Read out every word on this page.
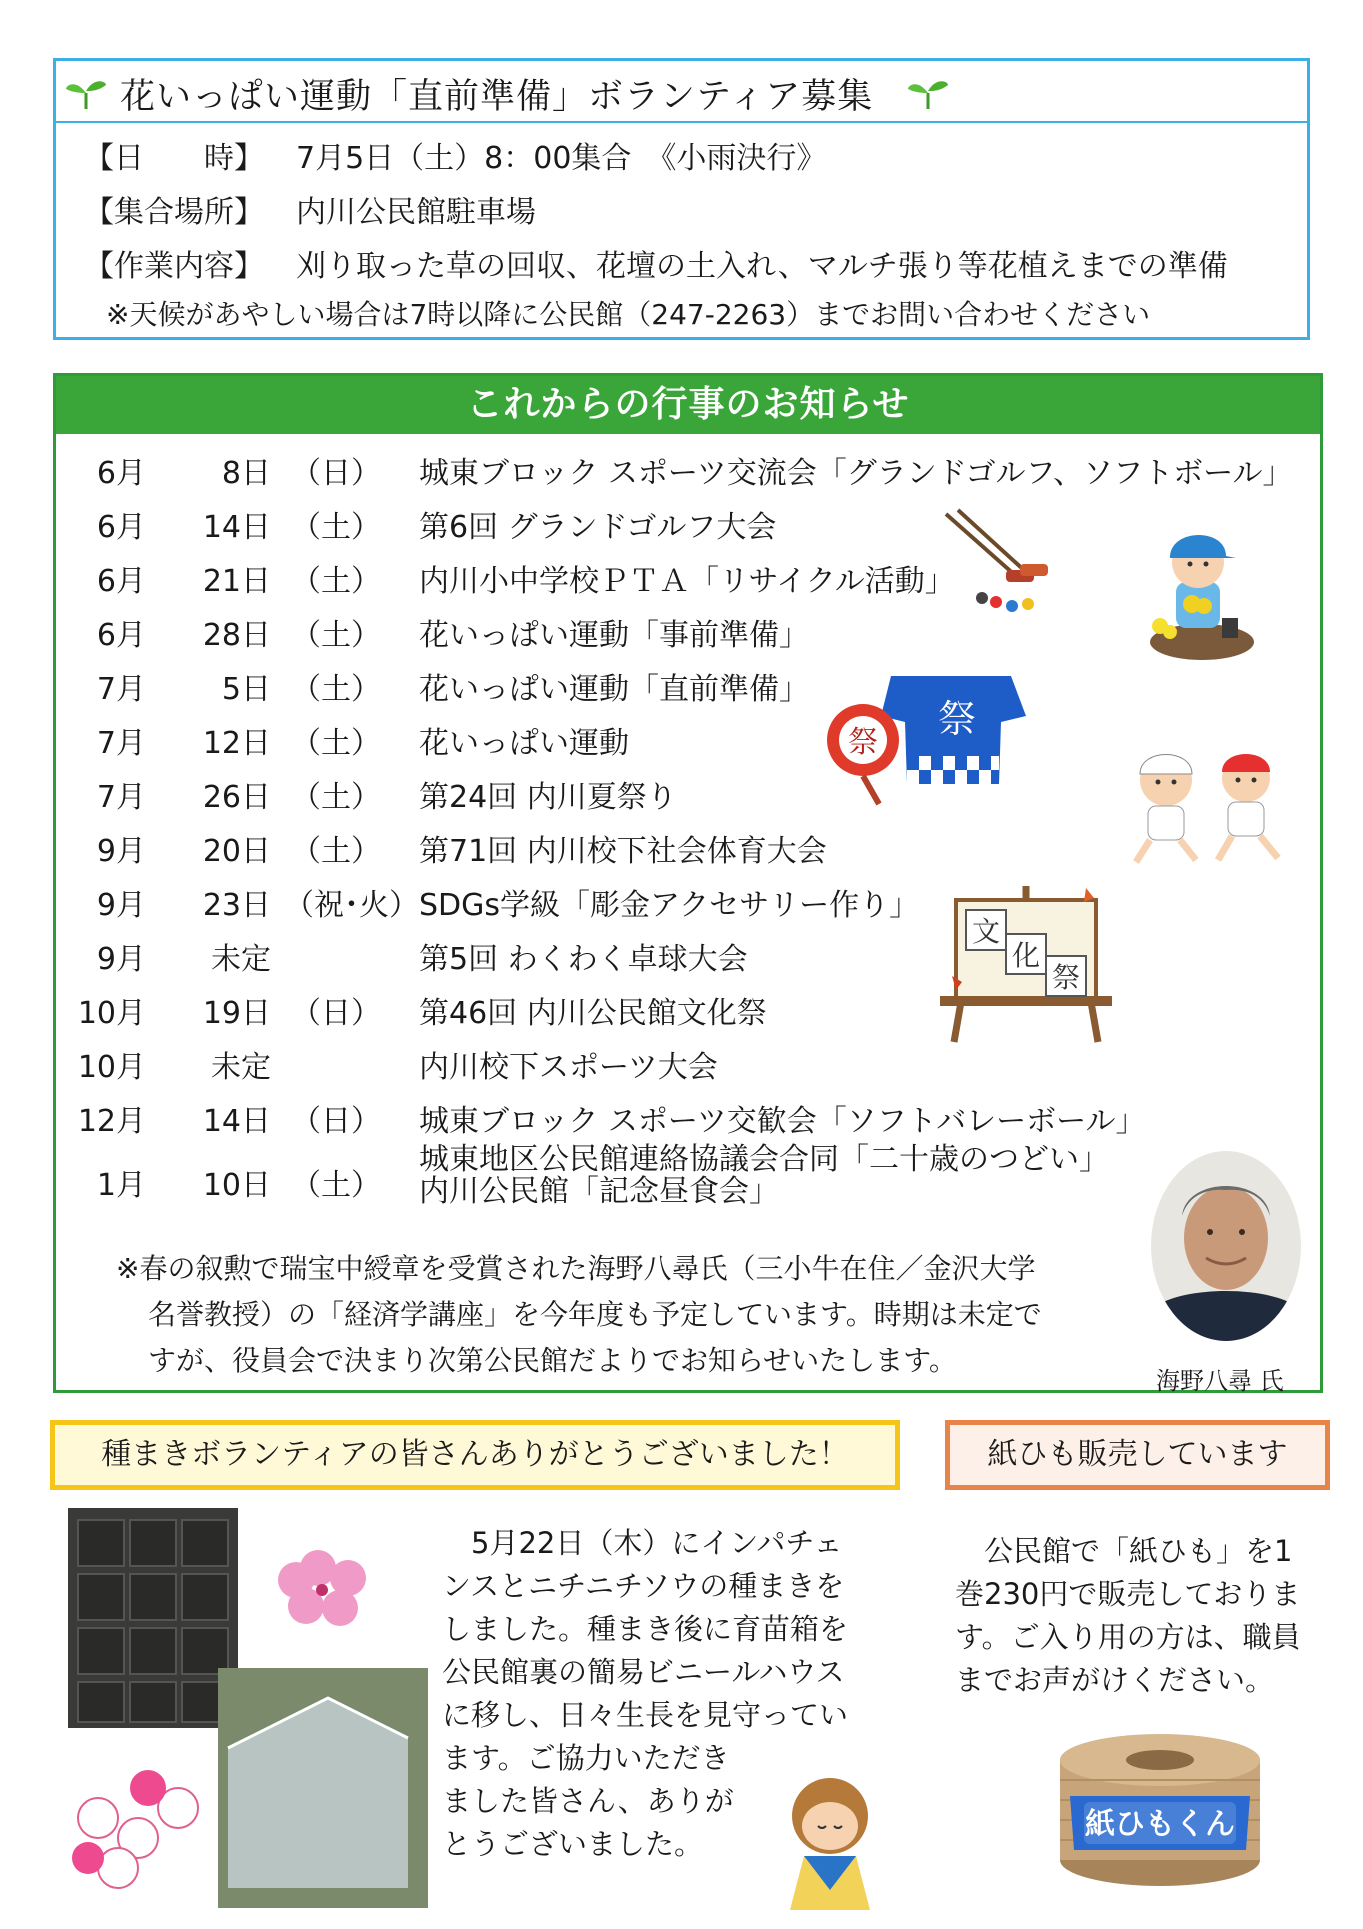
花いっぱい運動「直前準備」ボランティア募集
【日　　時】 7月5日（土）8：00集合　《小雨決行》
【集合場所】 内川公民館駐車場
【作業内容】 刈り取った草の回収、花壇の土入れ、マルチ張り等花植えまでの準備
※天候があやしい場合は7時以降に公民館（247-2263）までお問い合わせください
これからの行事のお知らせ
6月	8日 （日） 城東ブロック スポーツ交流会「グランドゴルフ、ソフトボール」
6月	14日 （土） 第6回 グランドゴルフ大会
6月	21日 （土） 内川小中学校ＰＴＡ「リサイクル活動」
6月	28日 （土） 花いっぱい運動「事前準備」
7月	5日 （土） 花いっぱい運動「直前準備」
7月	12日 （土） 花いっぱい運動
7月	26日 （土） 第24回 内川夏祭り
9月	20日 （土） 第71回 内川校下社会体育大会
9月	23日 （祝･火） SDGs学級「彫金アクセサリー作り」
9月	未定	第5回 わくわく卓球大会
10月	19日 （日） 第46回 内川公民館文化祭
10月	未定	内川校下スポーツ大会
12月	14日 （日） 城東ブロック スポーツ交歓会「ソフトバレーボール」
1月	10日 （土）
城東地区公民館連絡協議会合同「二十歳のつどい」
内川公民館「記念昼食会」
※春の叙勲で瑞宝中綬章を受賞された海野八尋氏（三小牛在住／金沢大学
名誉教授）の「経済学講座」を今年度も予定しています。時期は未定で
すが、役員会で決まり次第公民館だよりでお知らせいたします。
海野八尋 氏
祭
祭
文
化
祭
種まきボランティアの皆さんありがとうございました！

　5月22日（木）にインパチェ

ンスとニチニチソウの種まきを

しました。種まき後に育苗箱を

公民館裏の簡易ビニールハウス

に移し、日々生長を見守ってい

ます。ご協力いただき

ました皆さん、ありが

とうございました。

紙ひも販売しています

　公民館で「紙ひも」を1

巻230円で販売しておりま

す。ご入り用の方は、職員

までお声がけください。

紙ひもくん
